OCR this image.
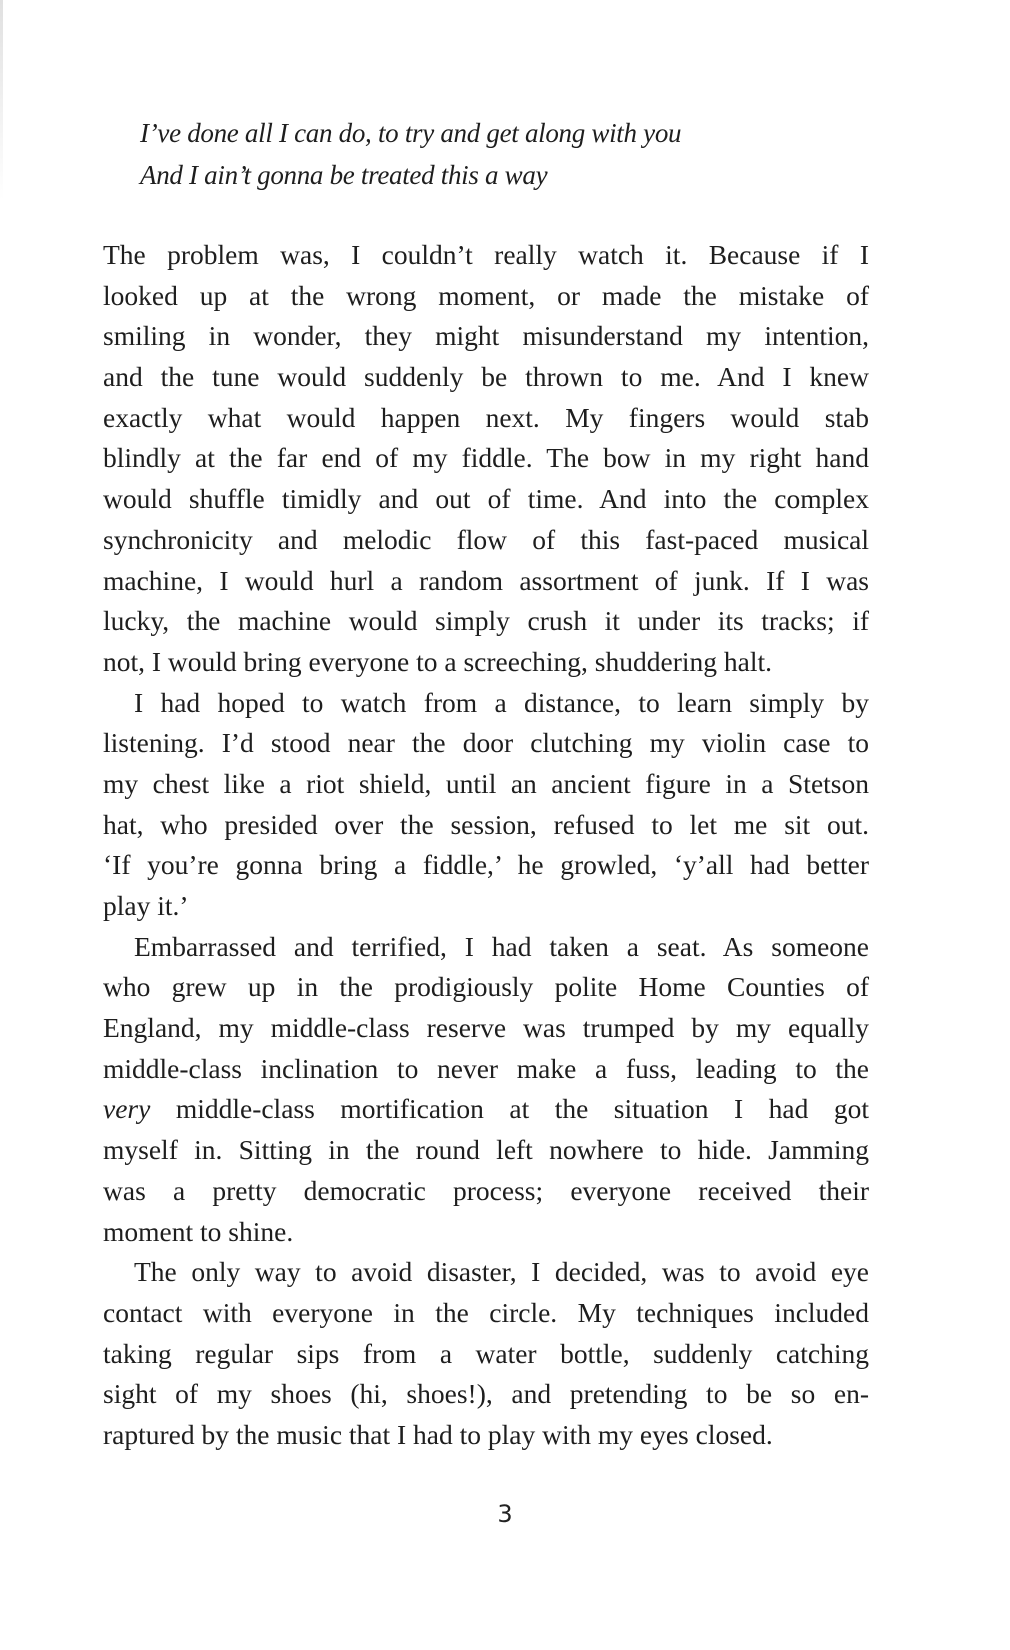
I’ve done all I can do, to try and get along with you
And I ain’t gonna be treated this a way
The problem was, I couldn’t really watch it. Because if I
looked up at the wrong moment, or made the mistake of
smiling in wonder, they might misunderstand my intention,
and the tune would suddenly be thrown to me. And I knew
exactly what would happen next. My fingers would stab
blindly at the far end of my fiddle. The bow in my right hand
would shuffle timidly and out of time. And into the complex
synchronicity and melodic flow of this fast-paced musical
machine, I would hurl a random assortment of junk. If I was
lucky, the machine would simply crush it under its tracks; if
not, I would bring everyone to a screeching, shuddering halt.
I had hoped to watch from a distance, to learn simply by
listening. I’d stood near the door clutching my violin case to
my chest like a riot shield, until an ancient figure in a Stetson
hat, who presided over the session, refused to let me sit out.
‘If you’re gonna bring a fiddle,’ he growled, ‘y’all had better
play it.’
Embarrassed and terrified, I had taken a seat. As someone
who grew up in the prodigiously polite Home Counties of
England, my middle-class reserve was trumped by my equally
middle-class inclination to never make a fuss, leading to the
very middle-class mortification at the situation I had got
myself in. Sitting in the round left nowhere to hide. Jamming
was a pretty democratic process; everyone received their
moment to shine.
The only way to avoid disaster, I decided, was to avoid eye
contact with everyone in the circle. My techniques included
taking regular sips from a water bottle, suddenly catching
sight of my shoes (hi, shoes!), and pretending to be so en-
raptured by the music that I had to play with my eyes closed.
3
